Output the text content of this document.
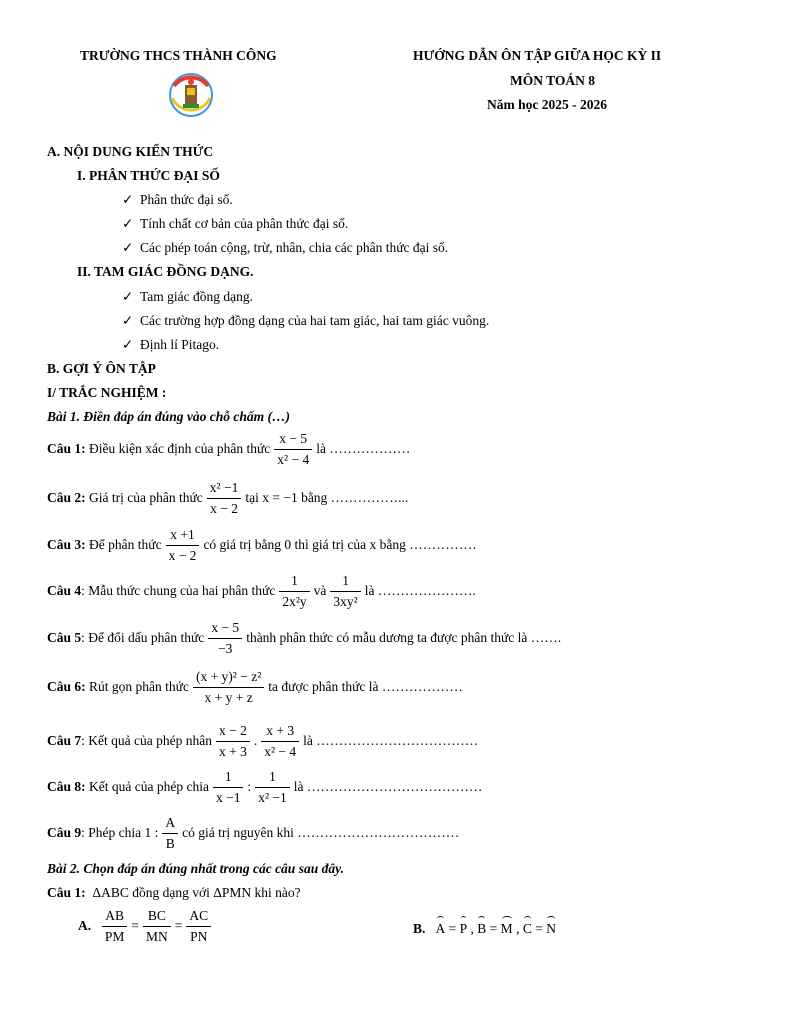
TRƯỜNG THCS THÀNH CÔNG	HƯỚNG DẪN ÔN TẬP GIỮA HỌC KỲ II
MÔN TOÁN 8
Năm học 2025 - 2026
A. NỘI DUNG KIẾN THỨC
I. PHÂN THỨC ĐẠI SỐ
✓ Phân thức đại số.
✓ Tính chất cơ bản của phân thức đại số.
✓ Các phép toán cộng, trừ, nhân, chia các phân thức đại số.
II. TAM GIÁC ĐỒNG DẠNG.
✓ Tam giác đồng dạng.
✓ Các trường hợp đồng dạng của hai tam giác, hai tam giác vuông.
✓ Định lí Pitago.
B. GỢI Ý ÔN TẬP
I/ TRẮC NGHIỆM :
Bài 1. Điền đáp án đúng vào chỗ chấm (…)
Câu 1:
Điều kiện xác định của phân thức $\frac{x - 5}{\text{x² − 4}}$ là ………………
Câu 2:
Giá trị của phân thức $\frac{\text{x² −1}}{x - 2}$ tại x = −1 bằng ……………...
Câu 3:
Để phân thức $\frac{x +1}{x - 2}$ có giá trị bằng 0 thì giá trị của x bằng ……………
Câu 4 : Mẫu thức chung của hai phân thức $\frac{1}{\text{2x²y}}$ và $\frac{1}{\text{3xy²}}$ là ………………….
Câu 5 : Để đổi dấu phân thức $\frac{x - 5}{-3}$ thành phân thức có mẫu dương ta được phân thức là …….
Câu 6:
Rút gọn phân thức $\frac{\text{(x + y)² − z²}}{x + y + z}$ ta được phân thức là ………………
Câu 7 : Kết quả của phép nhân $\frac{x - 2}{x + 3}$ . $\frac{x + 3}{\text{x² − 4}}$ là ………………………………
Câu 8:
Kết quả của phép chia $\frac{1}{x -1}$ : $\frac{1}{\text{x² −1}}$ là …………………………………
Câu 9 : Phép chia 1 : $\frac{A}{B}$ có giá trị nguyên khi ………………………………
Bài 2. Chọn đáp án đúng nhất trong các câu sau đây.
Câu 1: ΔABC đồng dạng với ΔPMN khi nào?
A.
$\frac{AB}{PM} = \frac{BC}{MN} = \frac{AC}{PN}$	B. A = P , B = M , C = N
